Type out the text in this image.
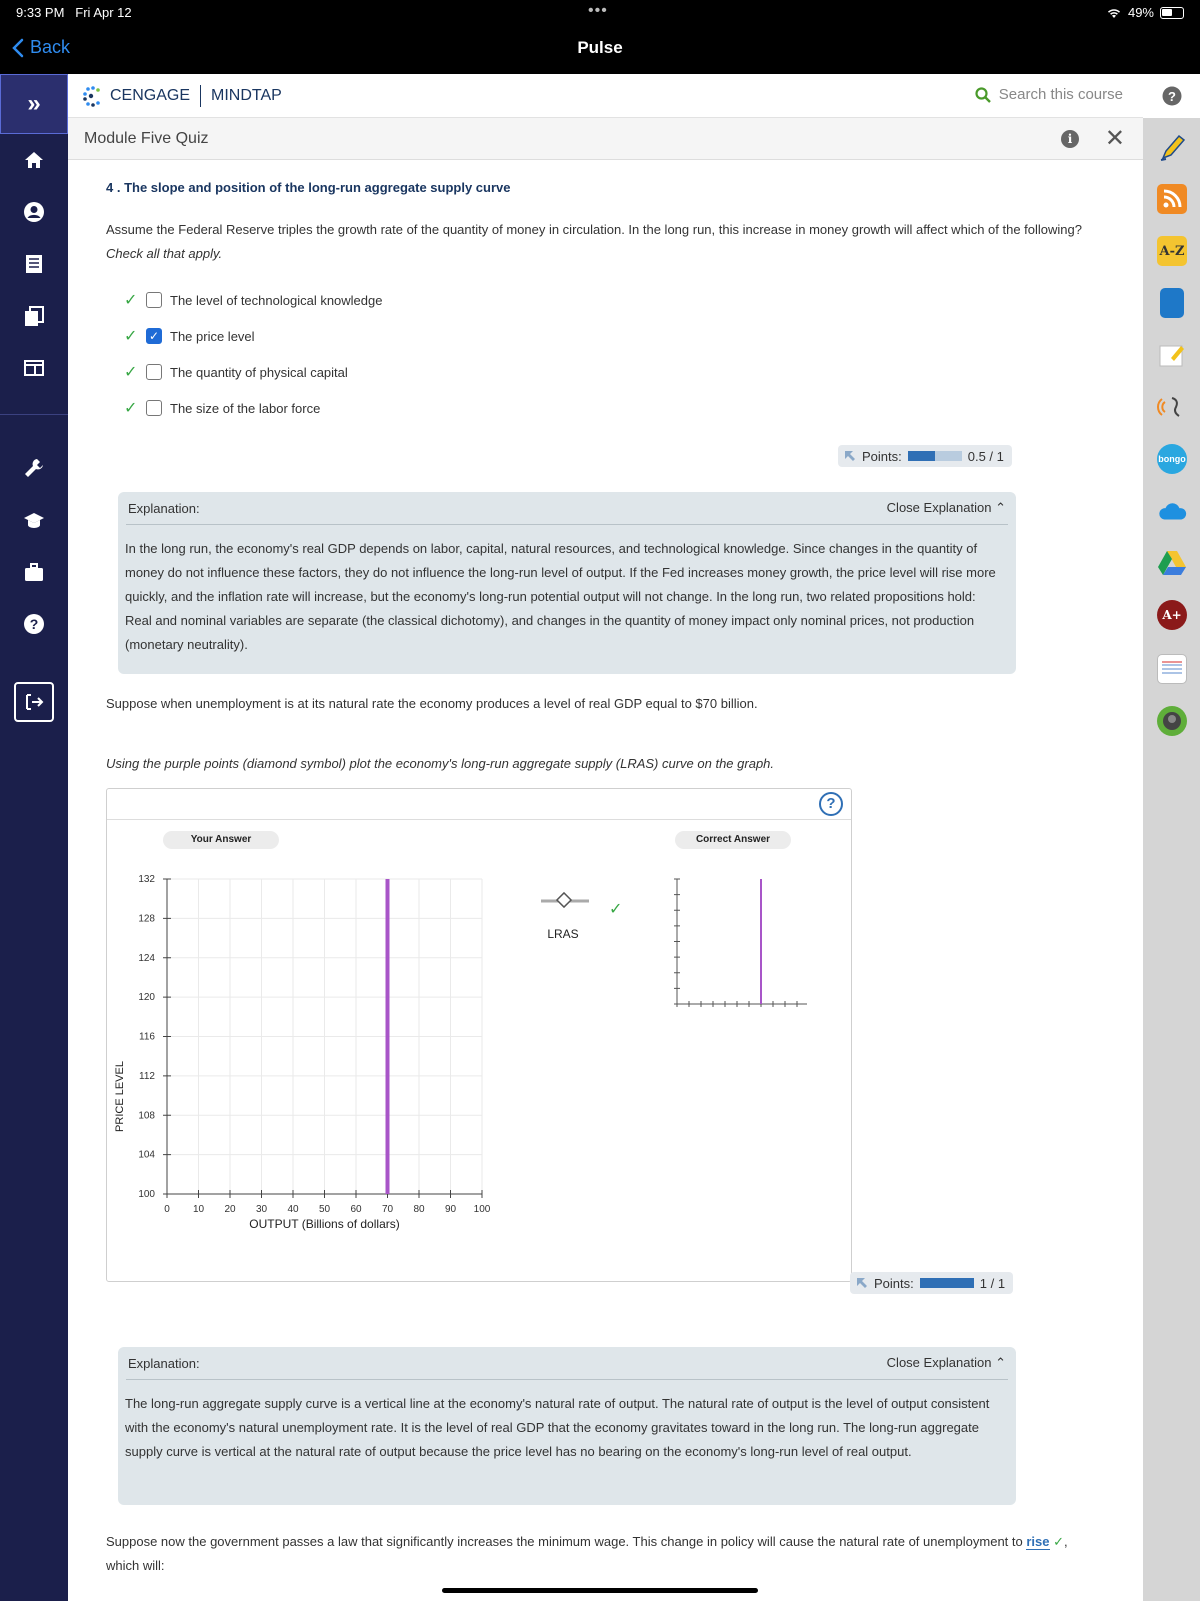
9:33 PM Fri Apr 12	•••	49%
Back	Pulse
»
?
?
A-Z
bongo
A+
CENGAGE MINDTAP	Search this course
Module Five Quiz	i ✕
4 . The slope and position of the long-run aggregate supply curve
Assume the Federal Reserve triples the growth rate of the quantity of money in circulation. In the long run, this increase in money growth will affect which of the following? Check all that apply.
✓	The level of technological knowledge
✓ ✓ The price level
✓	The quantity of physical capital
✓	The size of the labor force
Points:	0.5 / 1
Explanation:	Close Explanation ⌃
In the long run, the economy's real GDP depends on labor, capital, natural resources, and technological knowledge. Since changes in the quantity of money do not influence these factors, they do not influence the long-run level of output. If the Fed increases money growth, the price level will rise more quickly, and the inflation rate will increase, but the economy's long-run potential output will not change. In the long run, two related propositions hold: Real and nominal variables are separate (the classical dichotomy), and changes in the quantity of money impact only nominal prices, not production (monetary neutrality).
Suppose when unemployment is at its natural rate the economy produces a level of real GDP equal to $70 billion.
Using the purple points (diamond symbol) plot the economy's long-run aggregate supply (LRAS) curve on the graph.
?
Your Answer	Correct Answer
0 10 20 30 40 50 60 70 80 90 100
100
104
108
112
116
120
124
128
132
OUTPUT (Billions of dollars)
PRICE LEVEL
LRAS
✓
Points:	1 / 1
Explanation:	Close Explanation ⌃
The long-run aggregate supply curve is a vertical line at the economy's natural rate of output. The natural rate of output is the level of output consistent with the economy's natural unemployment rate. It is the level of real GDP that the economy gravitates toward in the long run. The long-run aggregate supply curve is vertical at the natural rate of output because the price level has no bearing on the economy's long-run level of real output.
Suppose now the government passes a law that significantly increases the minimum wage. This change in policy will cause the natural rate of unemployment to rise ✓, which will:
